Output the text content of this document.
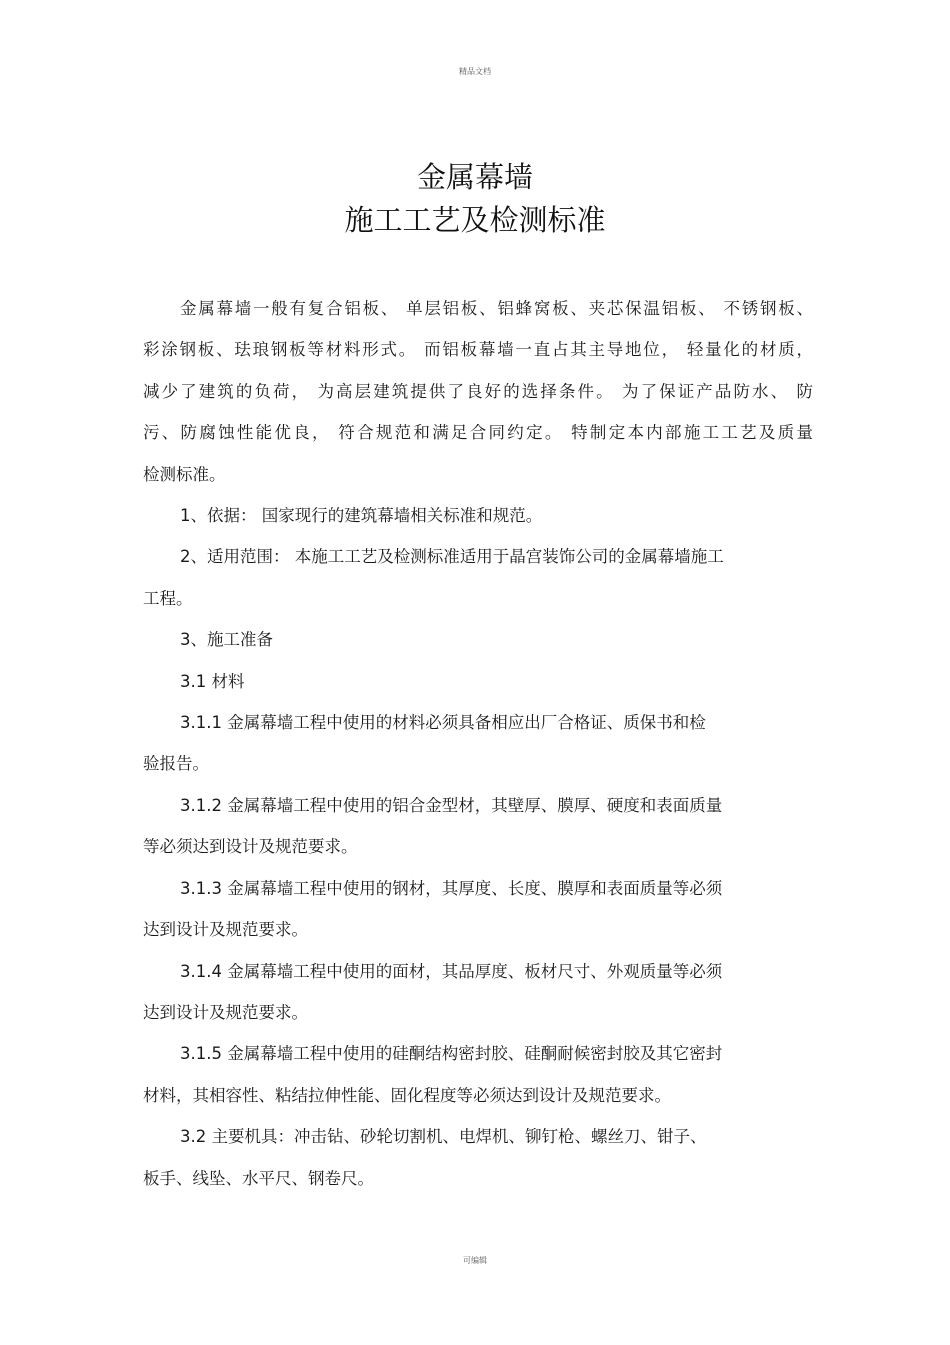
精品文档
金属幕墙
施工工艺及检测标准

金属幕墙一般有复合铝板、 单层铝板、铝蜂窝板、夹芯保温铝板、 不锈钢板、
彩涂钢板、珐琅钢板等材料形式。 而铝板幕墙一直占其主导地位， 轻量化的材质，
减少了建筑的负荷， 为高层建筑提供了良好的选择条件。 为了保证产品防水、 防
污、防腐蚀性能优良， 符合规范和满足合同约定。 特制定本内部施工工艺及质量
检测标准。

1、依据： 国家现行的建筑幕墙相关标准和规范。

2、适用范围： 本施工工艺及检测标准适用于晶宫装饰公司的金属幕墙施工
工程。

3、施工准备

3.1 材料

3.1.1 金属幕墙工程中使用的材料必须具备相应出厂合格证、质保书和检
验报告。

3.1.2 金属幕墙工程中使用的铝合金型材，其壁厚、膜厚、硬度和表面质量
等必须达到设计及规范要求。

3.1.3 金属幕墙工程中使用的钢材，其厚度、长度、膜厚和表面质量等必须
达到设计及规范要求。

3.1.4 金属幕墙工程中使用的面材，其品厚度、板材尺寸、外观质量等必须
达到设计及规范要求。

3.1.5 金属幕墙工程中使用的硅酮结构密封胶、硅酮耐候密封胶及其它密封
材料，其相容性、粘结拉伸性能、固化程度等必须达到设计及规范要求。

3.2 主要机具：冲击钻、砂轮切割机、电焊机、铆钉枪、螺丝刀、钳子、
板手、线坠、水平尺、钢卷尺。

可编辑
